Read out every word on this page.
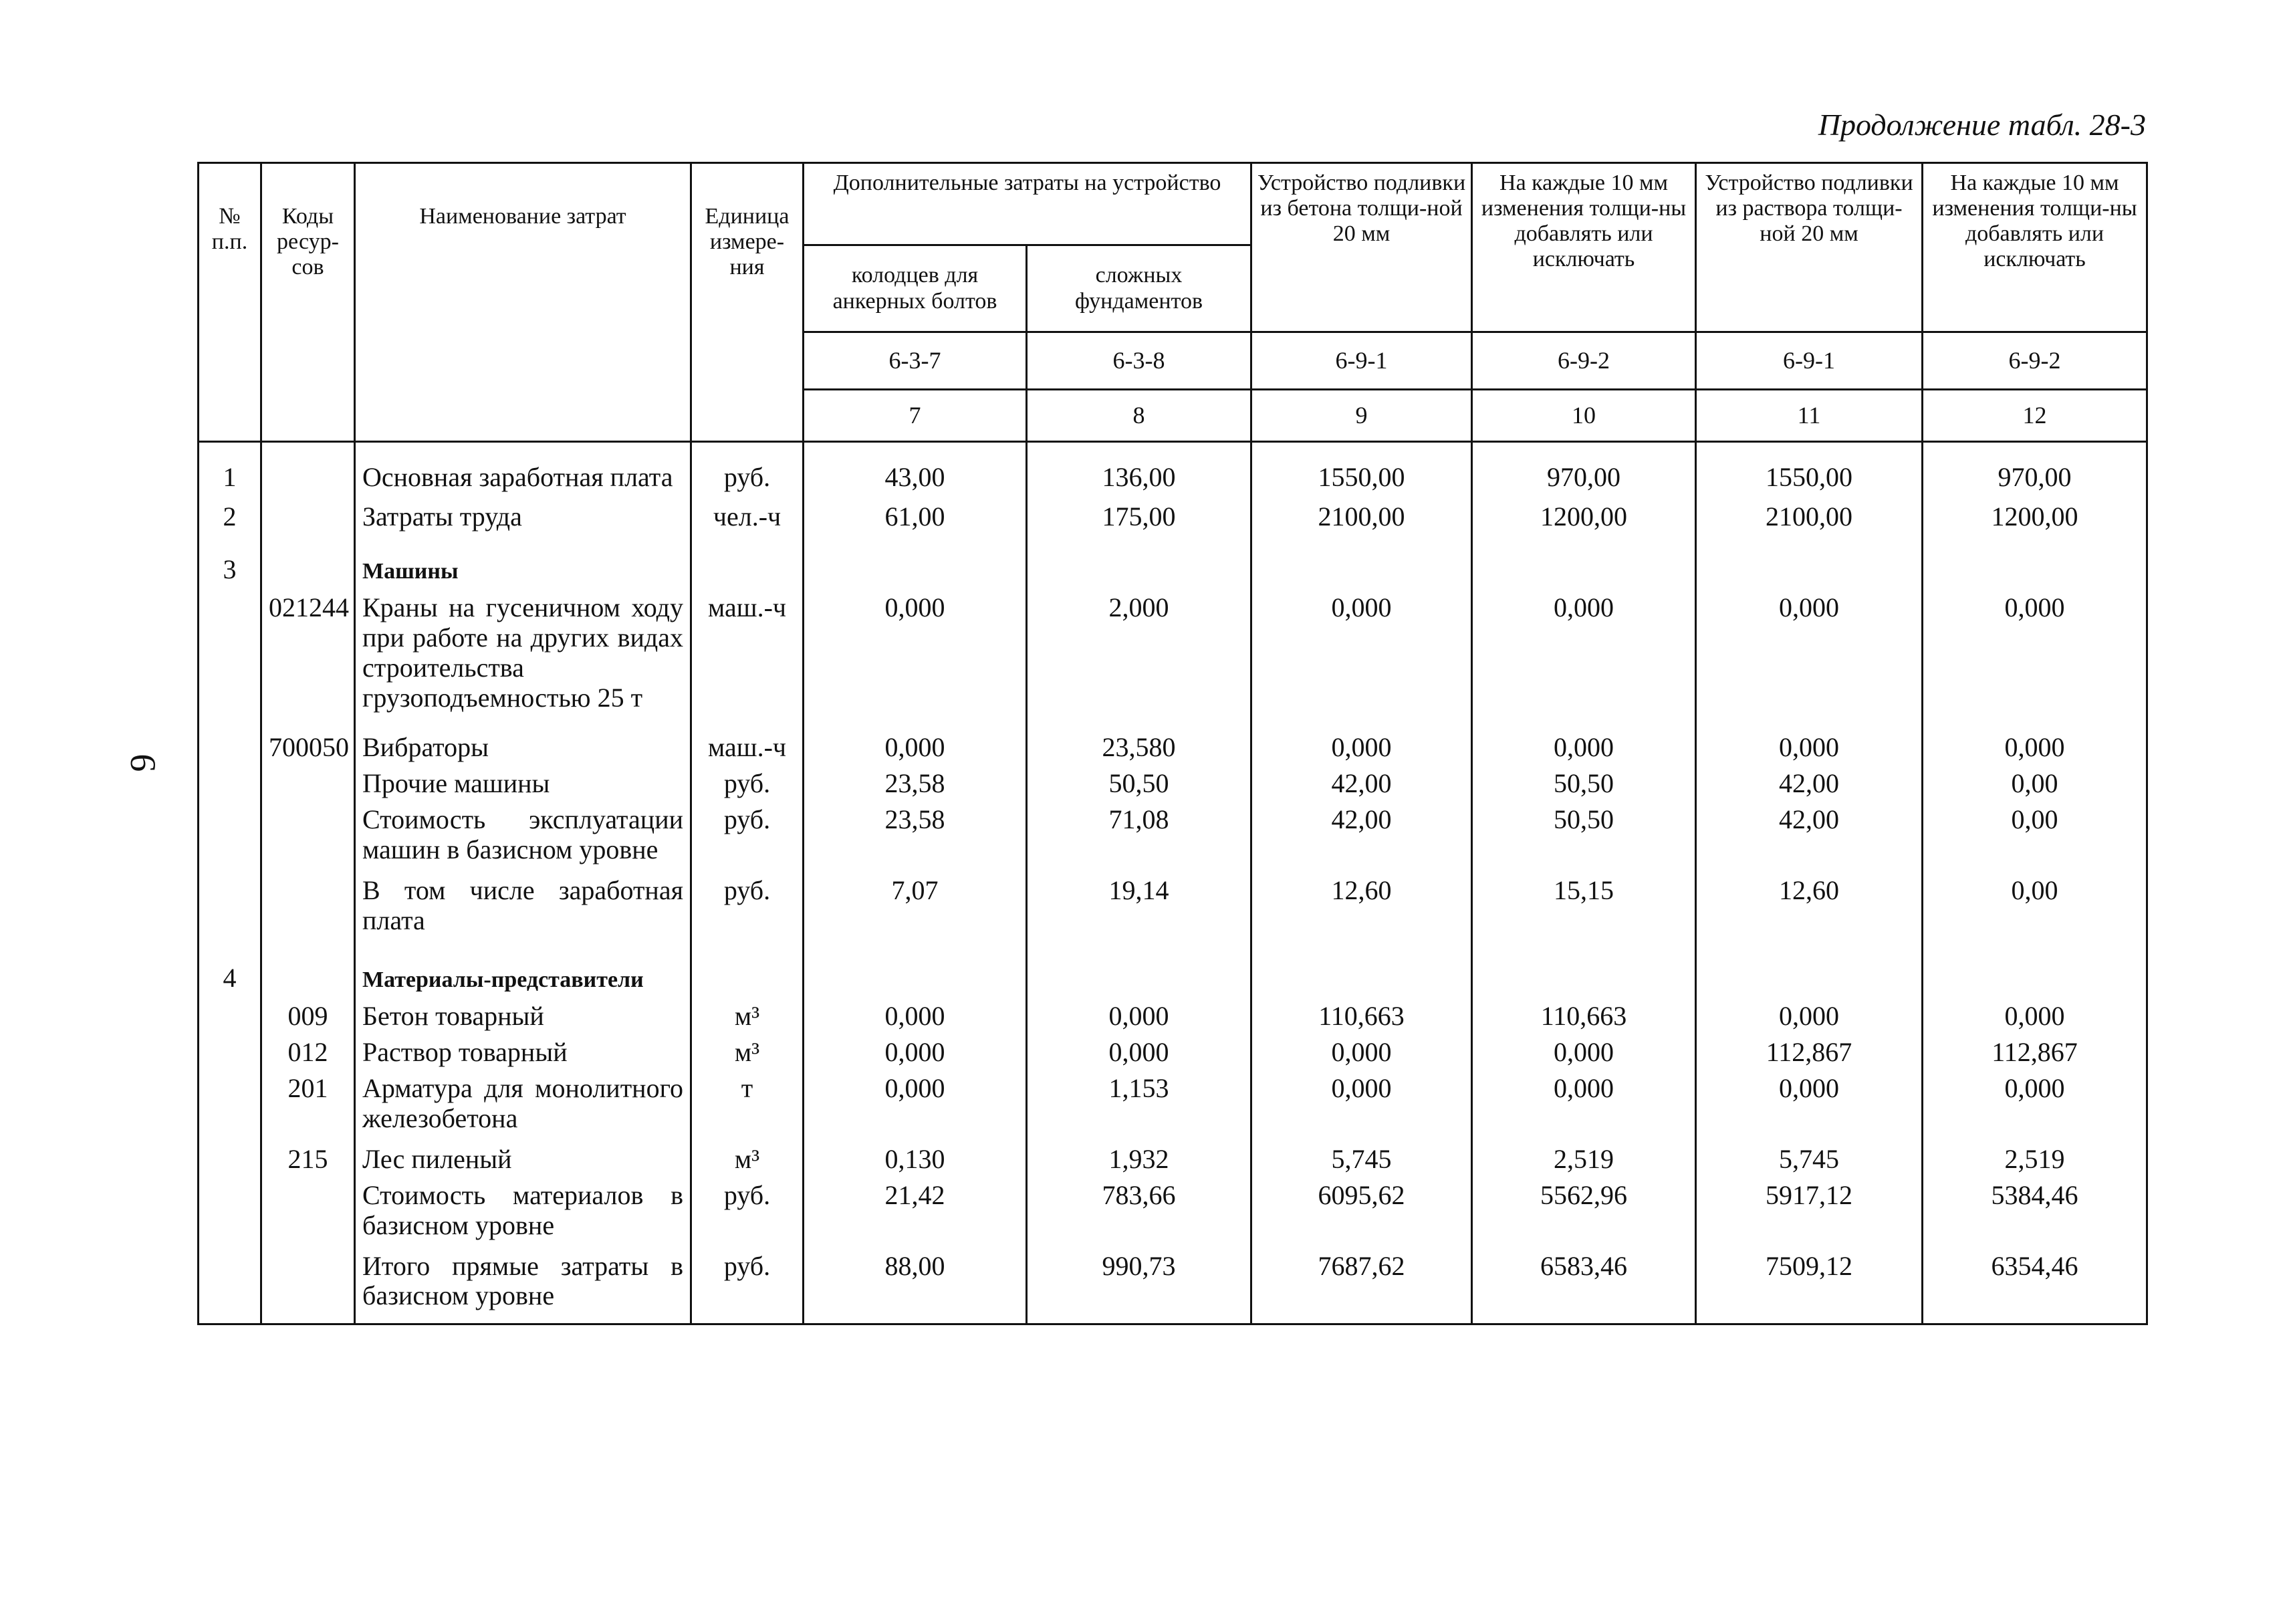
Продолжение табл. 28-3
9
№ п.п.	Коды ресур-сов	Наименование затрат	Единица измере-ния	Дополнительные затраты на устройство		Устройство подливки из бетона толщи-ной 20 мм	На каждые 10 мм изменения толщи-ны добавлять или исключать	Устройство подливки из раствора толщи-ной 20 мм	На каждые 10 мм изменения толщи-ны добавлять или исключать
				колодцев для анкерных болтов	сложных фундаментов				
				6-3-7	6-3-8	6-9-1	6-9-2	6-9-1	6-9-2
				7	8	9	10	11	12
1		Основная заработная плата	руб.	43,00	136,00	1550,00	970,00	1550,00	970,00
2		Затраты труда	чел.-ч	61,00	175,00	2100,00	1200,00	2100,00	1200,00
3		Машины							
	021244	Краны на гусеничном ходу при работе на других видах строительства грузоподъемностью 25 т	маш.-ч	0,000	2,000	0,000	0,000	0,000	0,000
	700050	Вибраторы	маш.-ч	0,000	23,580	0,000	0,000	0,000	0,000
		Прочие машины	руб.	23,58	50,50	42,00	50,50	42,00	0,00
		Стоимость эксплуатации машин в базисном уровне	руб.	23,58	71,08	42,00	50,50	42,00	0,00
		В том числе заработная плата	руб.	7,07	19,14	12,60	15,15	12,60	0,00
4		Материалы-представители							
	009	Бетон товарный	м³	0,000	0,000	110,663	110,663	0,000	0,000
	012	Раствор товарный	м³	0,000	0,000	0,000	0,000	112,867	112,867
	201	Арматура для монолитного железобетона	т	0,000	1,153	0,000	0,000	0,000	0,000
	215	Лес пиленый	м³	0,130	1,932	5,745	2,519	5,745	2,519
		Стоимость материалов в базисном уровне	руб.	21,42	783,66	6095,62	5562,96	5917,12	5384,46
		Итого прямые затраты в базисном уровне	руб.	88,00	990,73	7687,62	6583,46	7509,12	6354,46
